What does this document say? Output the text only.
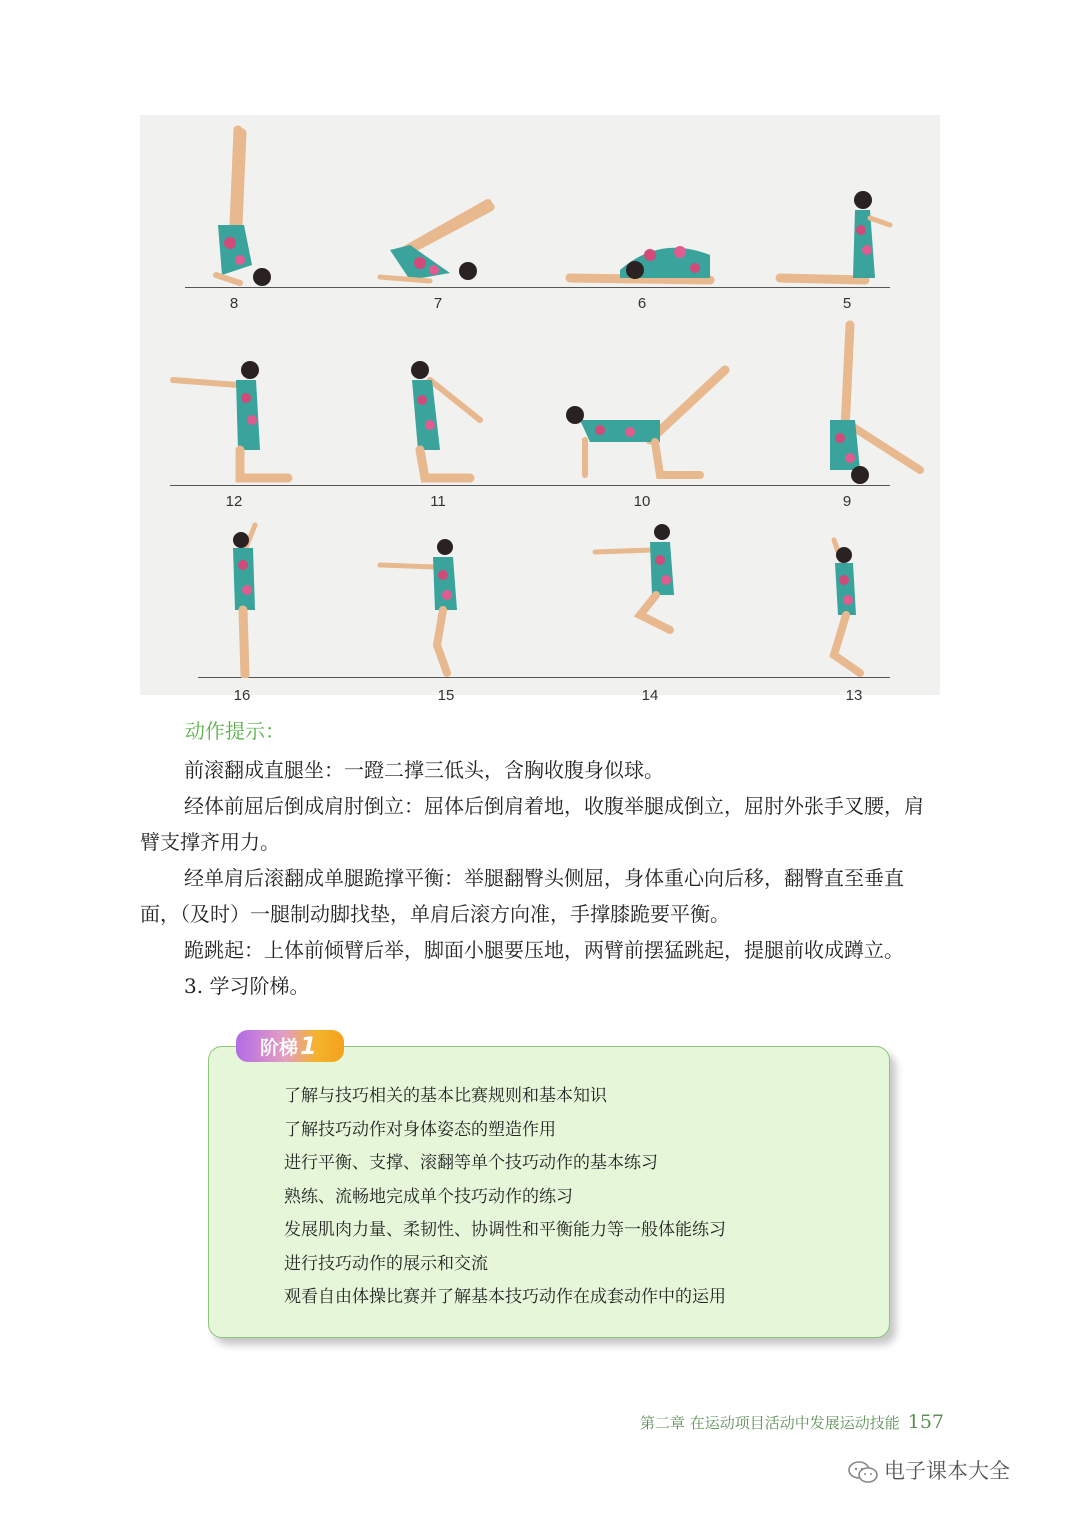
8	7	6	5
12	11	10	9
16	15	14	13
动作提示：

前滚翻成直腿坐：一蹬二撑三低头，含胸收腹身似球。

经体前屈后倒成肩肘倒立：屈体后倒肩着地，收腹举腿成倒立，屈肘外张手叉腰，肩臂支撑齐用力。

经单肩后滚翻成单腿跪撑平衡：举腿翻臀头侧屈，身体重心向后移，翻臀直至垂直面，（及时）一腿制动脚找垫，单肩后滚方向准，手撑膝跪要平衡。

跪跳起：上体前倾臂后举，脚面小腿要压地，两臂前摆猛跳起，提腿前收成蹲立。

3. 学习阶梯。

阶梯1
了解与技巧相关的基本比赛规则和基本知识
了解技巧动作对身体姿态的塑造作用
进行平衡、支撑、滚翻等单个技巧动作的基本练习
熟练、流畅地完成单个技巧动作的练习
发展肌肉力量、柔韧性、协调性和平衡能力等一般体能练习
进行技巧动作的展示和交流
观看自由体操比赛并了解基本技巧动作在成套动作中的运用
第二章 在运动项目活动中发展运动技能 157
电子课本大全
